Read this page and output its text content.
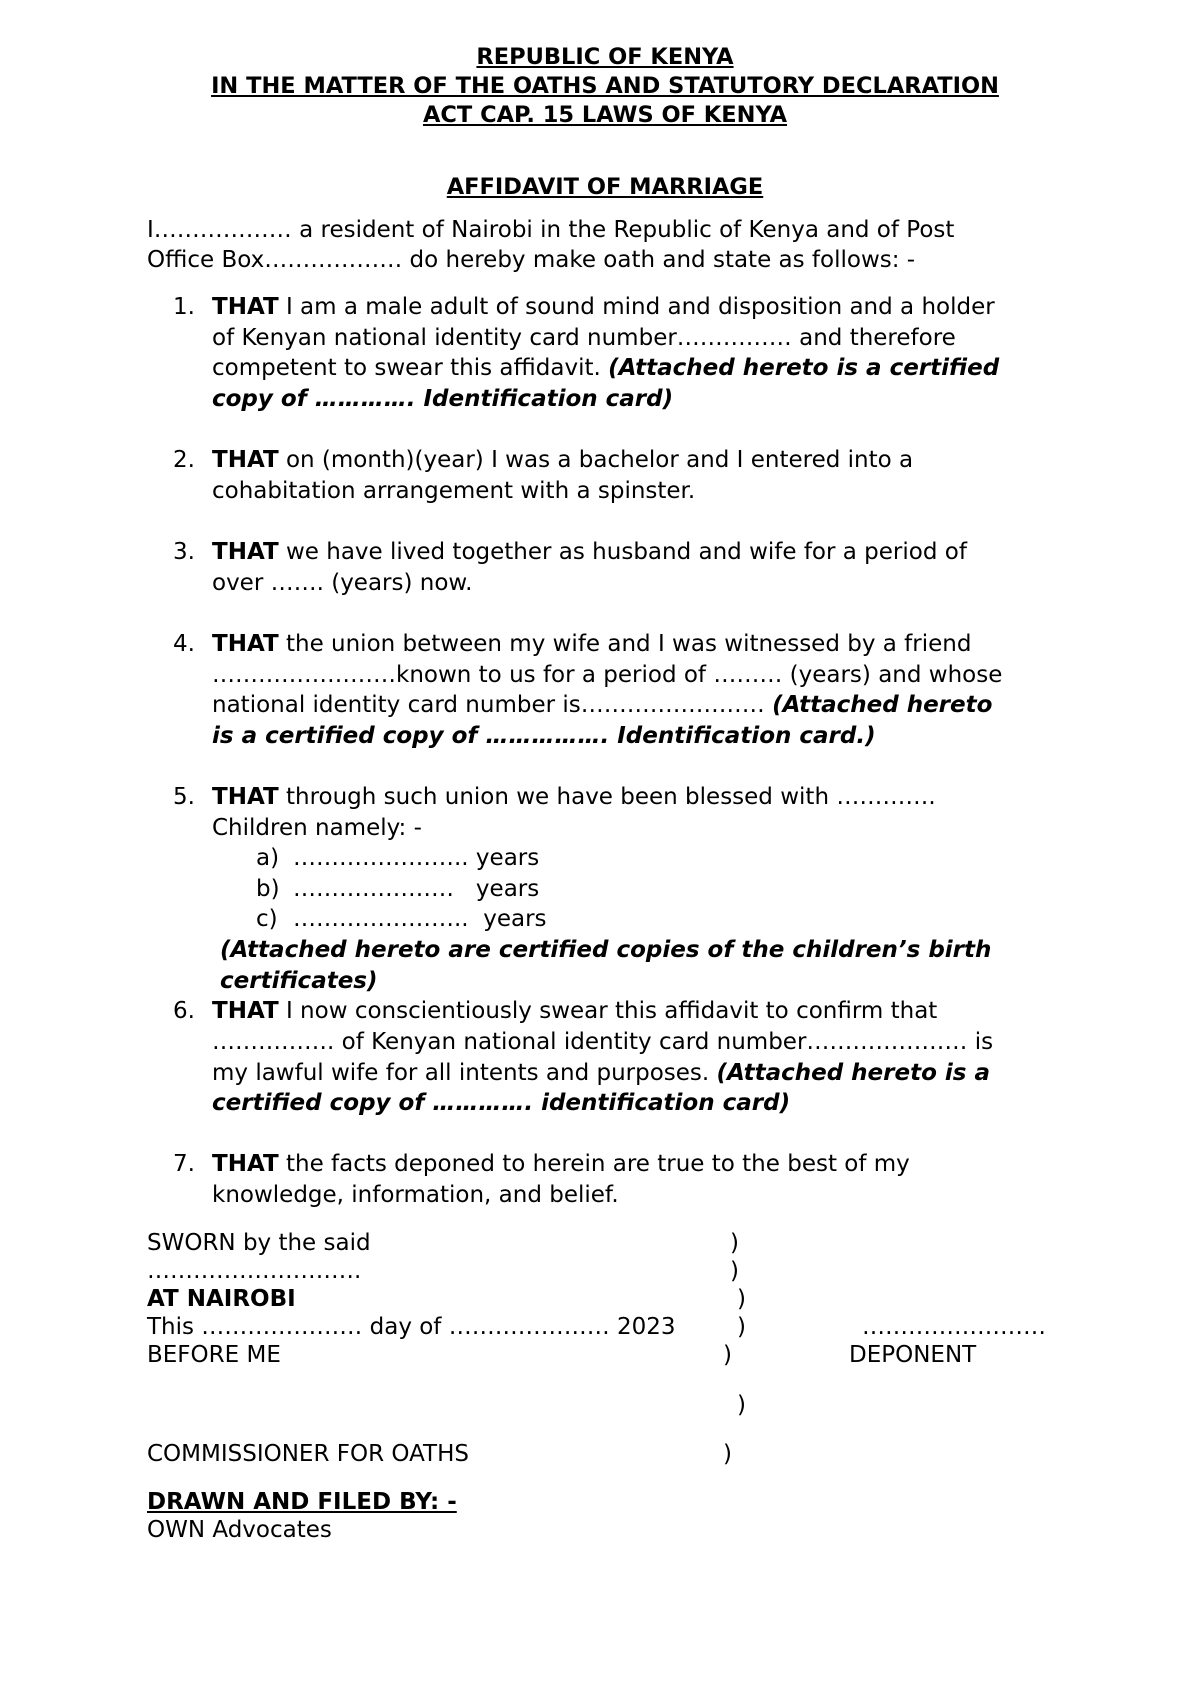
REPUBLIC OF KENYA
IN THE MATTER OF THE OATHS AND STATUTORY DECLARATION
ACT CAP. 15 LAWS OF KENYA
AFFIDAVIT OF MARRIAGE
I……………… a resident of Nairobi in the Republic of Kenya and of Post
Office Box……………… do hereby make oath and state as follows: -
1. THAT I am a male adult of sound mind and disposition and a holder
of Kenyan national identity card number…………… and therefore
competent to swear this affidavit. (Attached hereto is a certified
copy of …………. Identification card)
2. THAT on (month)(year) I was a bachelor and I entered into a
cohabitation arrangement with a spinster.
3. THAT we have lived together as husband and wife for a period of
over ……. (years) now.
4. THAT the union between my wife and I was witnessed by a friend
……………………known to us for a period of ……… (years) and whose
national identity card number is…………………… (Attached hereto
is a certified copy of ……………. Identification card.)
5. THAT through such union we have been blessed with ………….
Children namely: -
a) ………………….. years
b) …………………   years
c) …………………..  years
(Attached hereto are certified copies of the children’s birth
certificates)
6. THAT I now conscientiously swear this affidavit to confirm that
……………. of Kenyan national identity card number………………… is
my lawful wife for all intents and purposes. (Attached hereto is a
certified copy of …………. identification card)
7. THAT the facts deponed to herein are true to the best of my
knowledge, information, and belief.
SWORN by the said	)
……………………….	)
AT NAIROBI	)
This ………………… day of ………………… 2023	)	……………………
BEFORE ME	)	DEPONENT
)
COMMISSIONER FOR OATHS	)
DRAWN AND FILED BY: -
OWN Advocates
